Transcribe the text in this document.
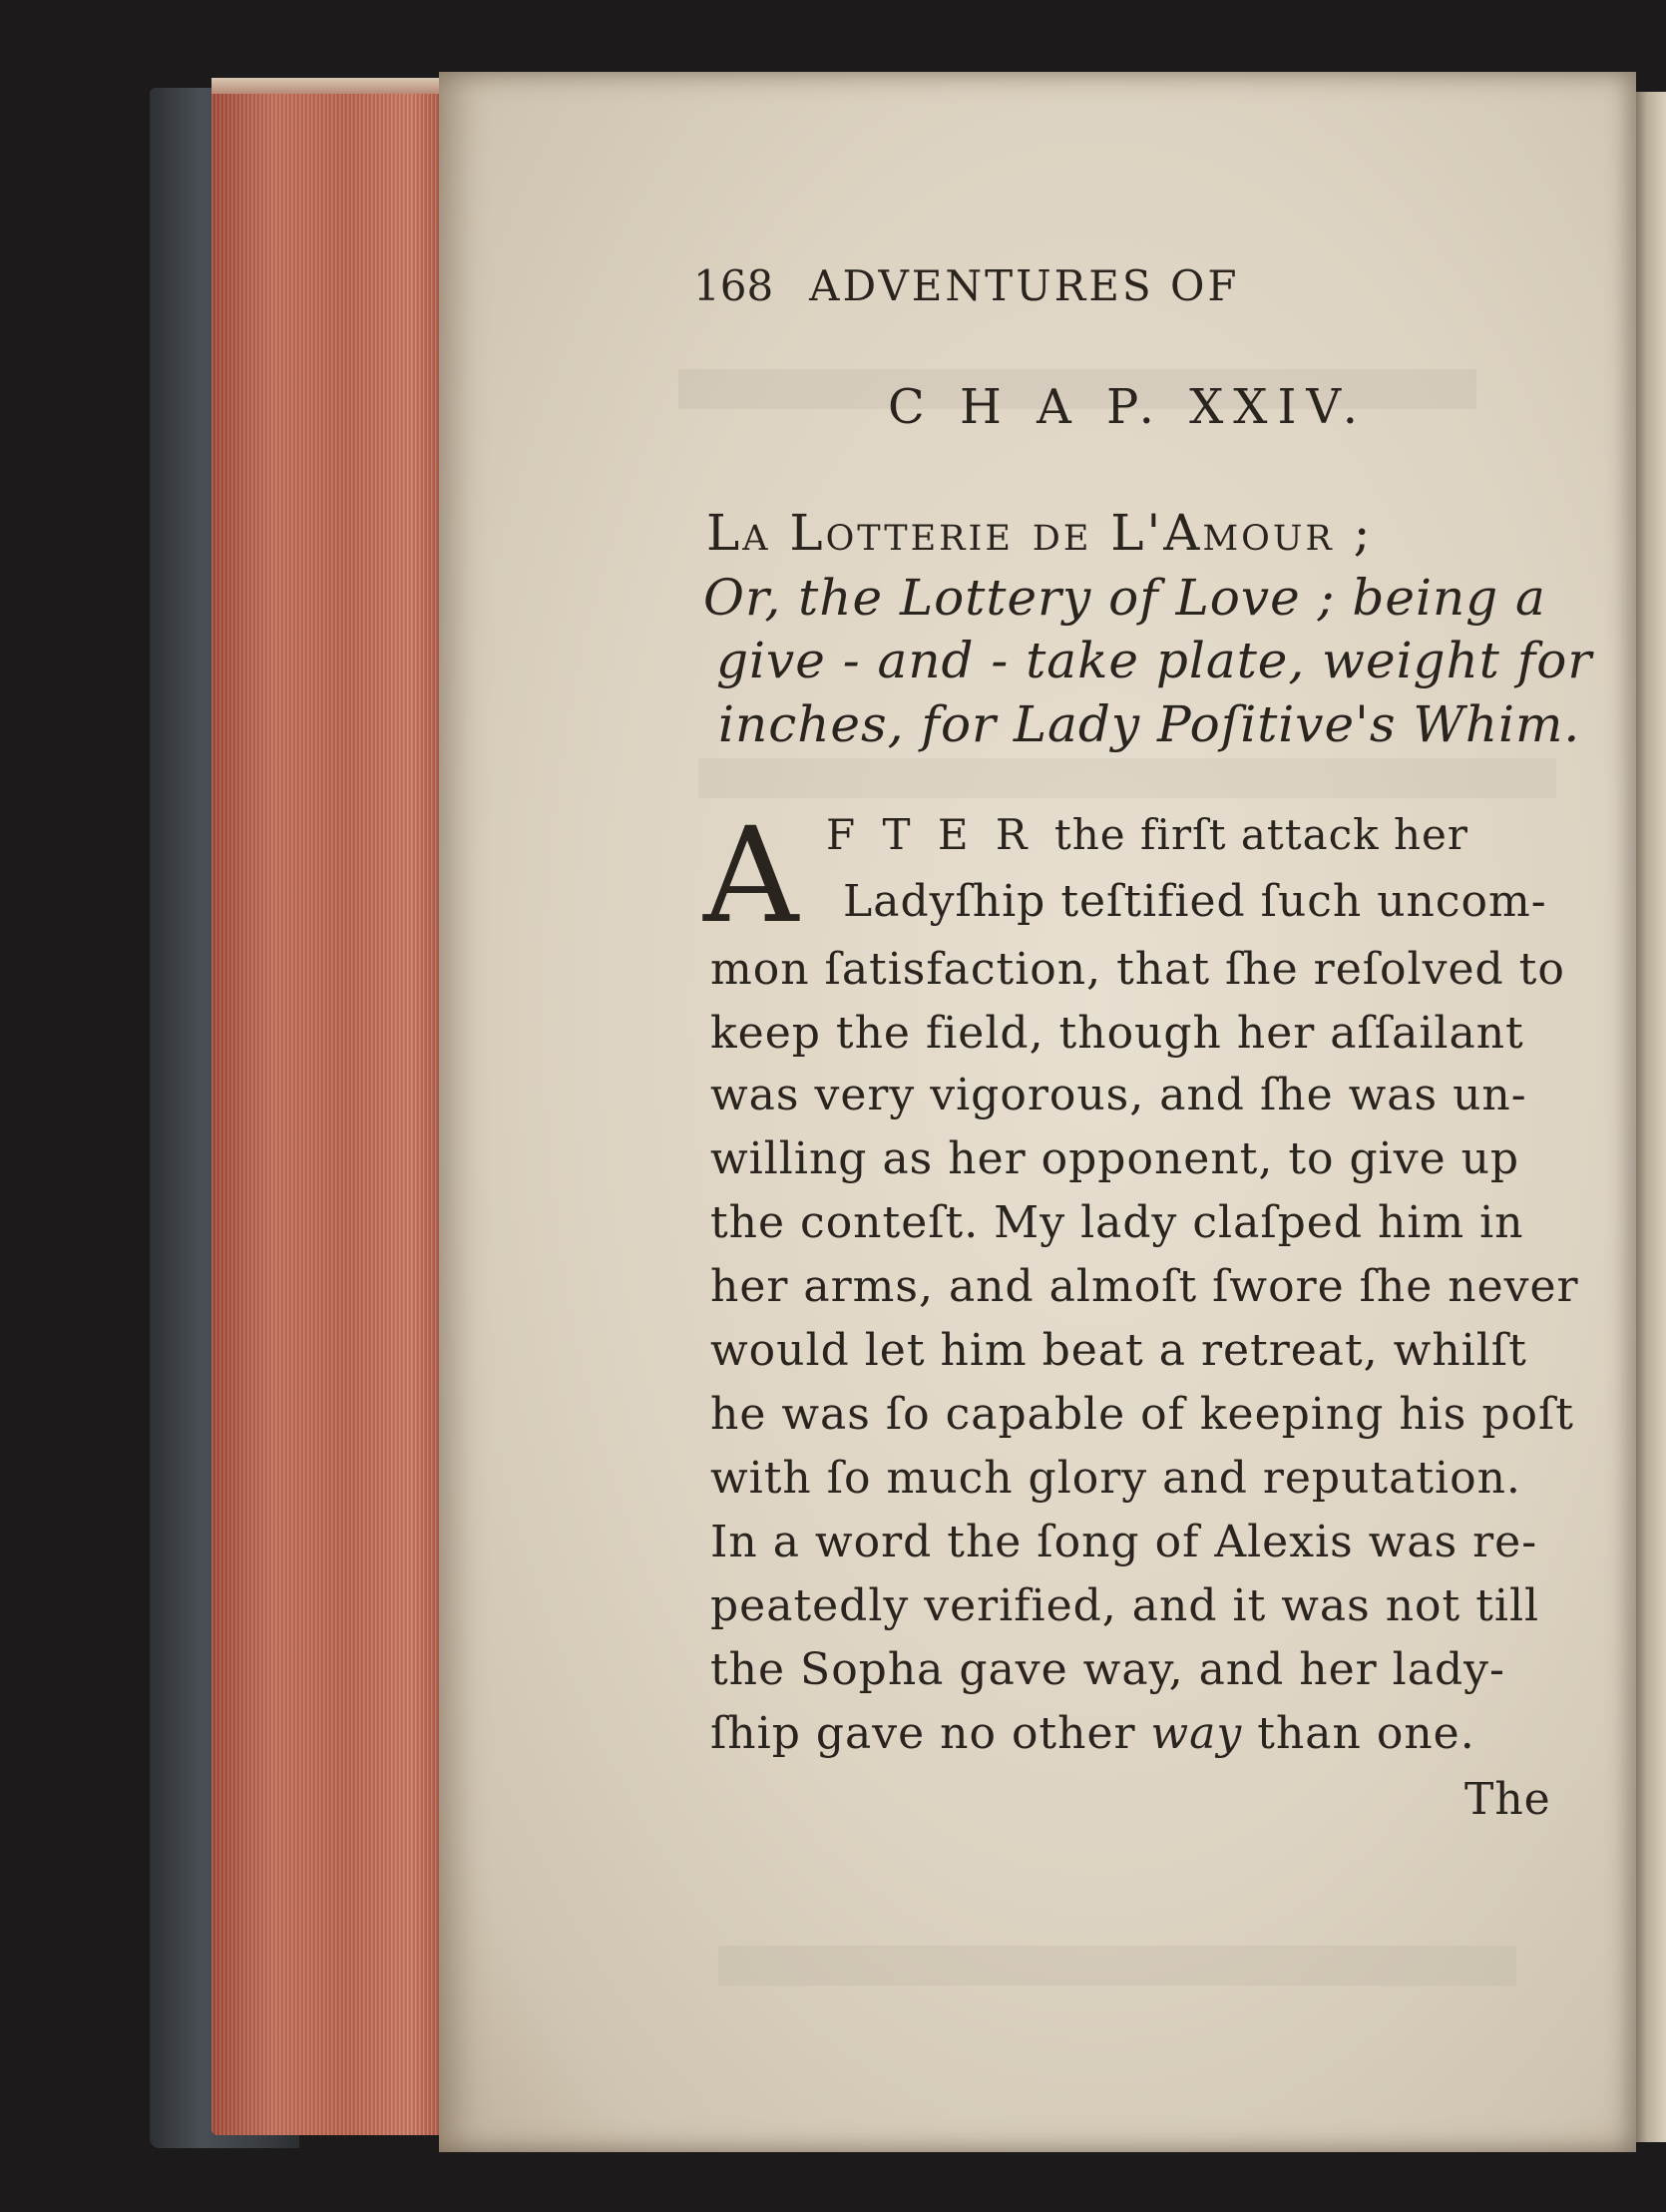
168 ADVENTURES OF
C H A P. XXIV.
La Lotterie de L'Amour ;
Or, the Lottery of Love ; being a
give - and - take plate, weight for
inches, for Lady Poſitive's Whim.
A F T E R the firſt attack her
Ladyſhip teſtified ſuch uncom-
mon ſatisfaction, that ſhe reſolved to
keep the field, though her aſſailant
was very vigorous, and ſhe was un-
willing as her opponent, to give up
the conteſt. My lady claſped him in
her arms, and almoſt ſwore ſhe never
would let him beat a retreat, whilſt
he was ſo capable of keeping his poſt
with ſo much glory and reputation.
In a word the ſong of Alexis was re-
peatedly verified, and it was not till
the Sopha gave way, and her lady-
ſhip gave no other way than one.
The
